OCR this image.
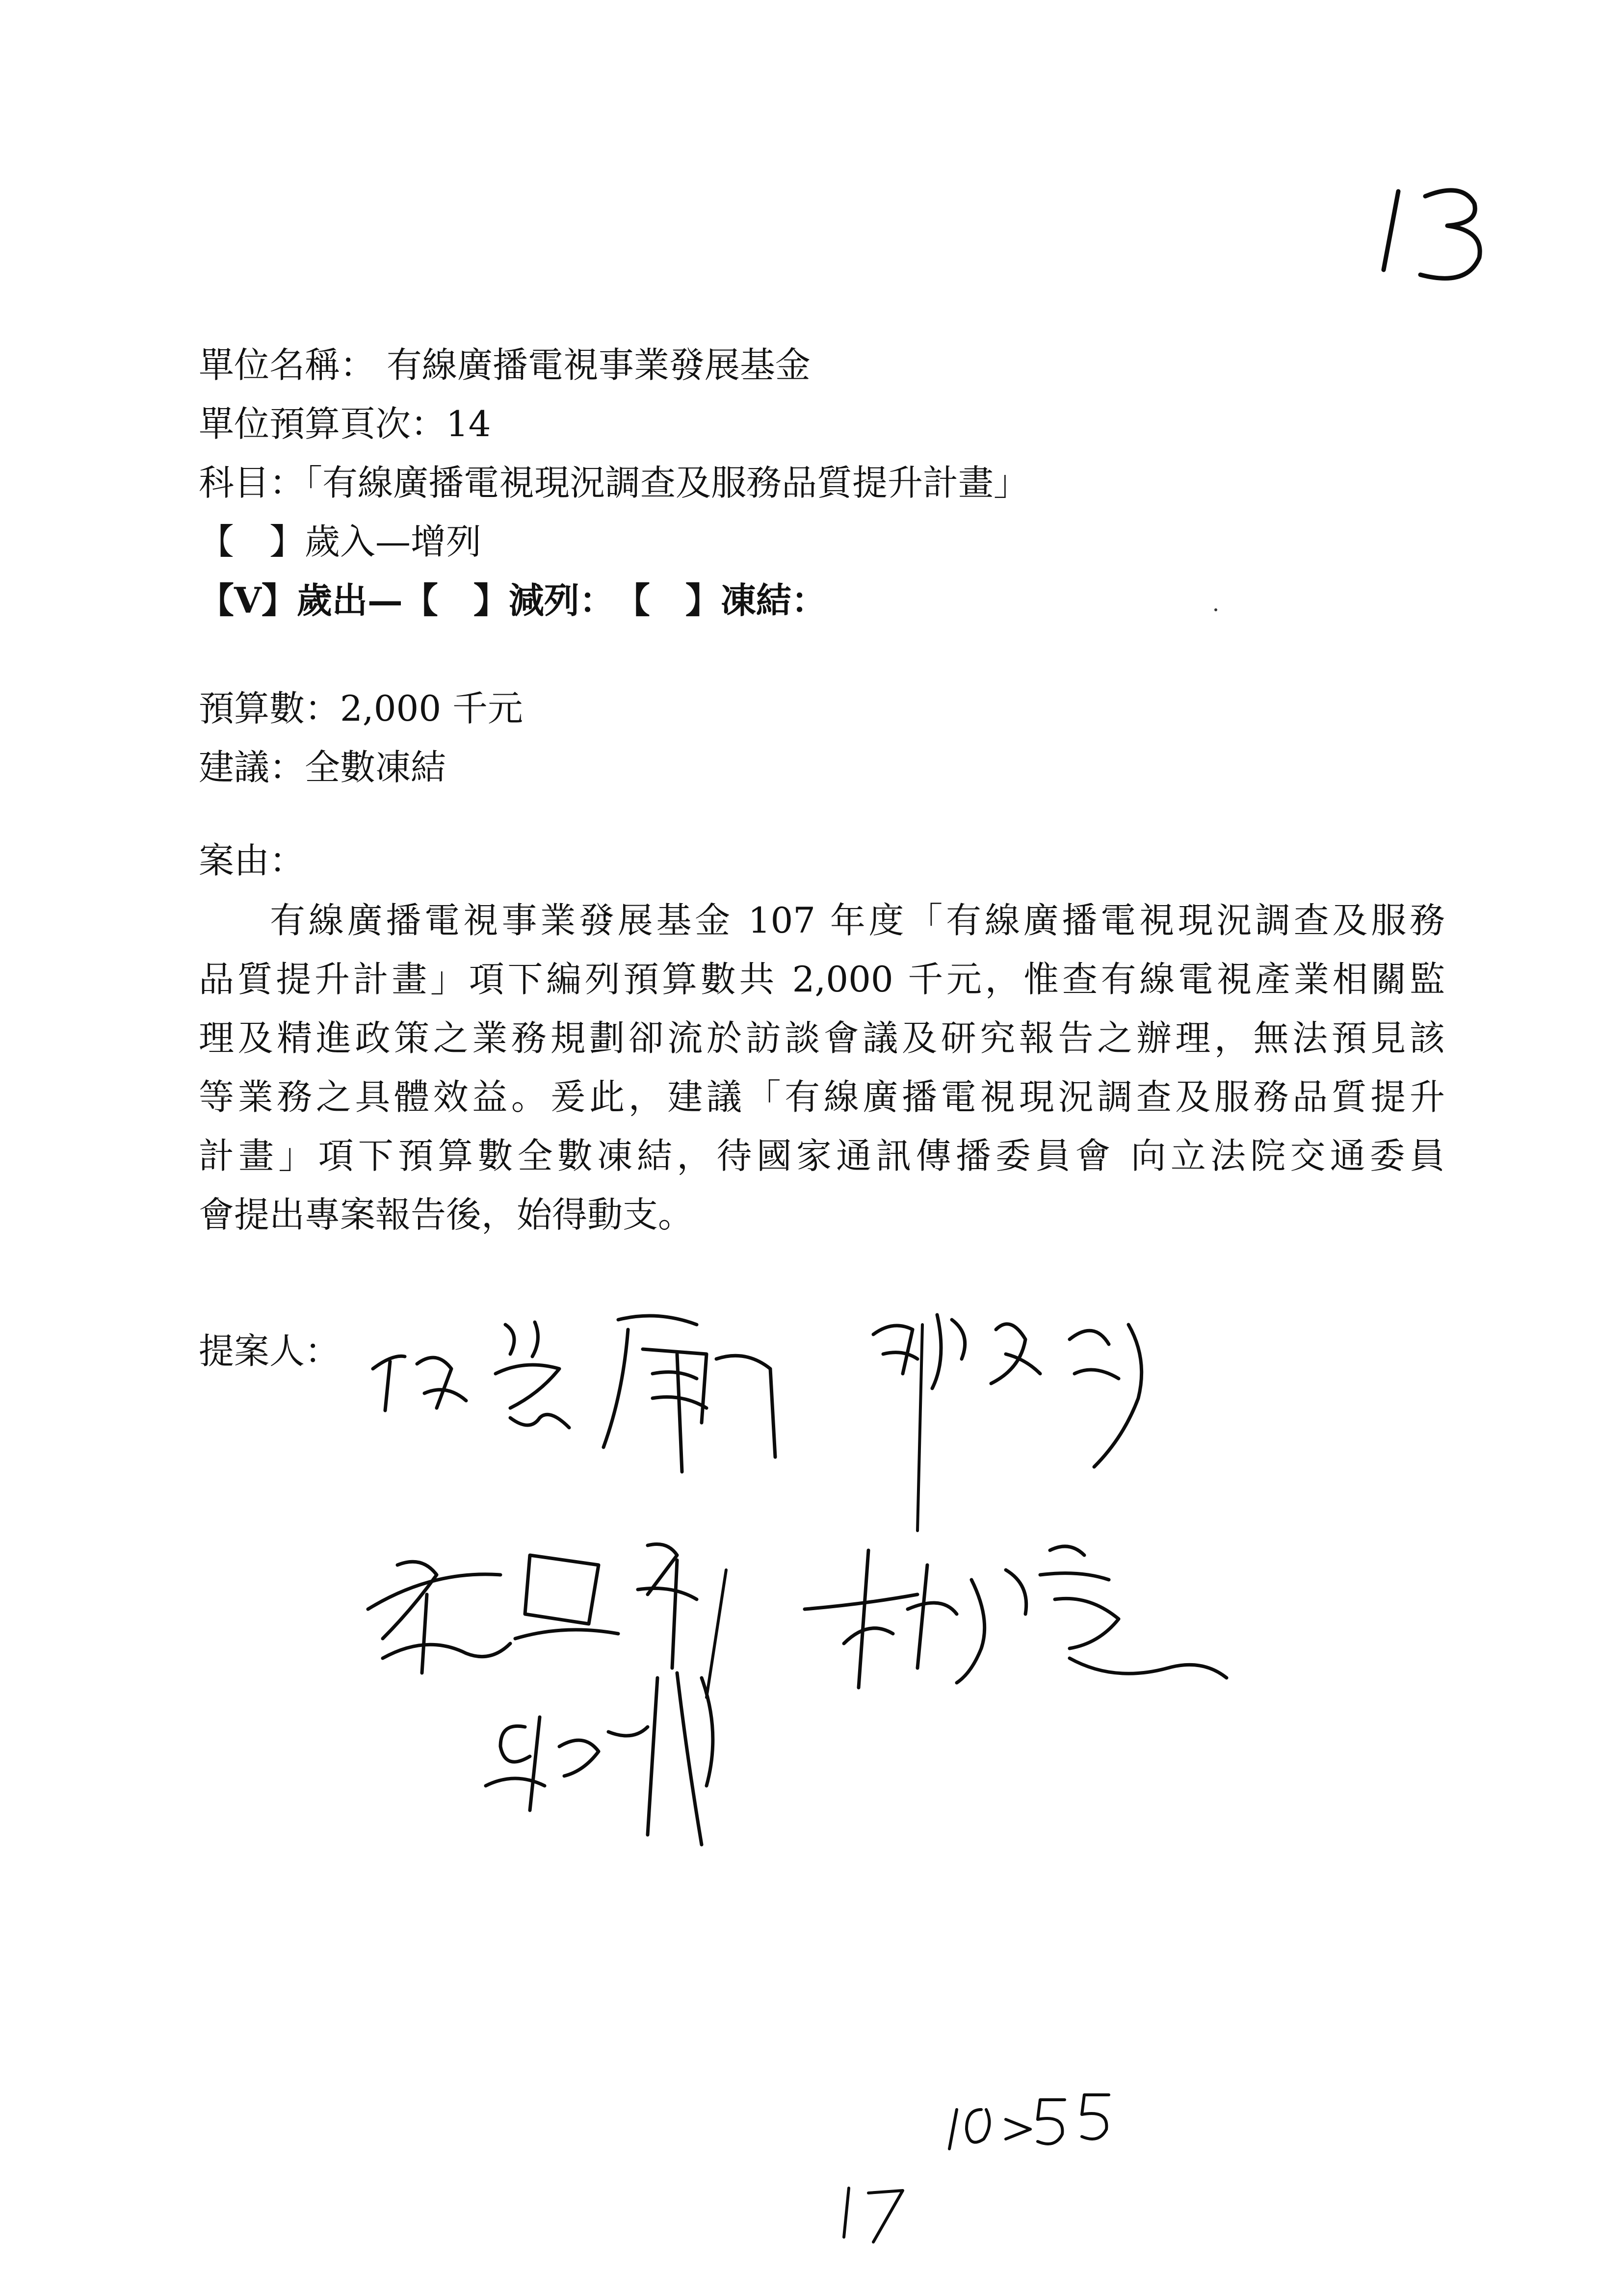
單位名稱： 有線廣播電視事業發展基金
單位預算頁次：14
科目：「有線廣播電視現況調查及服務品質提升計畫」
【　】歲入—增列
【V】歲出—【　】減列：　【　】凍結：
預算數：2,000 千元
建議：全數凍結
案由：
有線廣播電視事業發展基金 107 年度「有線廣播電視現況調查及服務
品質提升計畫」項下編列預算數共 2,000 千元，惟查有線電視產業相關監
理及精進政策之業務規劃卻流於訪談會議及研究報告之辦理，無法預見該
等業務之具體效益。爰此，建議「有線廣播電視現況調查及服務品質提升
計畫」項下預算數全數凍結，待國家通訊傳播委員會 向立法院交通委員
會提出專案報告後，始得動支。
提案人：
